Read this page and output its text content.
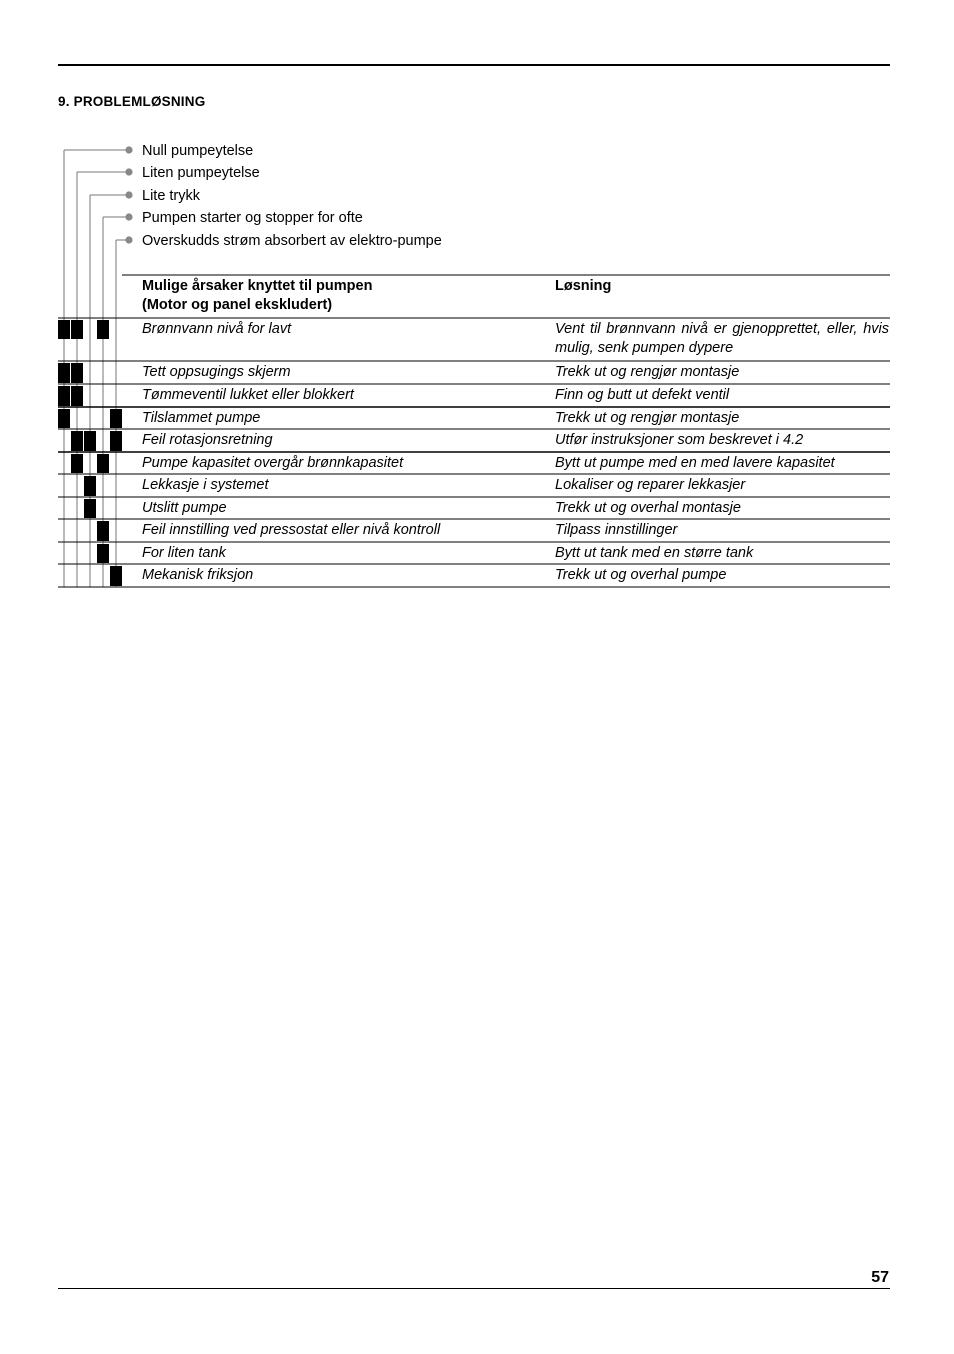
9. PROBLEMLØSNING
Null pumpeytelse
Liten pumpeytelse
Lite trykk
Pumpen starter og stopper for ofte
Overskudds strøm absorbert av elektro-pumpe
Mulige årsaker knyttet til pumpen
(Motor og panel ekskludert)
Løsning
Brønnvann nivå for lavt	Vent til brønnvann nivå er gjenopprettet, eller, hvis mulig, senk pumpen dypere
Tett oppsugings skjerm	Trekk ut og rengjør montasje
Tømmeventil lukket eller blokkert	Finn og butt ut defekt ventil
Tilslammet pumpe	Trekk ut og rengjør montasje
Feil rotasjonsretning	Utfør instruksjoner som beskrevet i 4.2
Pumpe kapasitet overgår brønnkapasitet	Bytt ut pumpe med en med lavere kapasitet
Lekkasje i systemet	Lokaliser og reparer lekkasjer
Utslitt pumpe	Trekk ut og overhal montasje
Feil innstilling ved pressostat eller nivå kontroll	Tilpass innstillinger
For liten tank	Bytt ut tank med en større tank
Mekanisk friksjon	Trekk ut og overhal pumpe
57
